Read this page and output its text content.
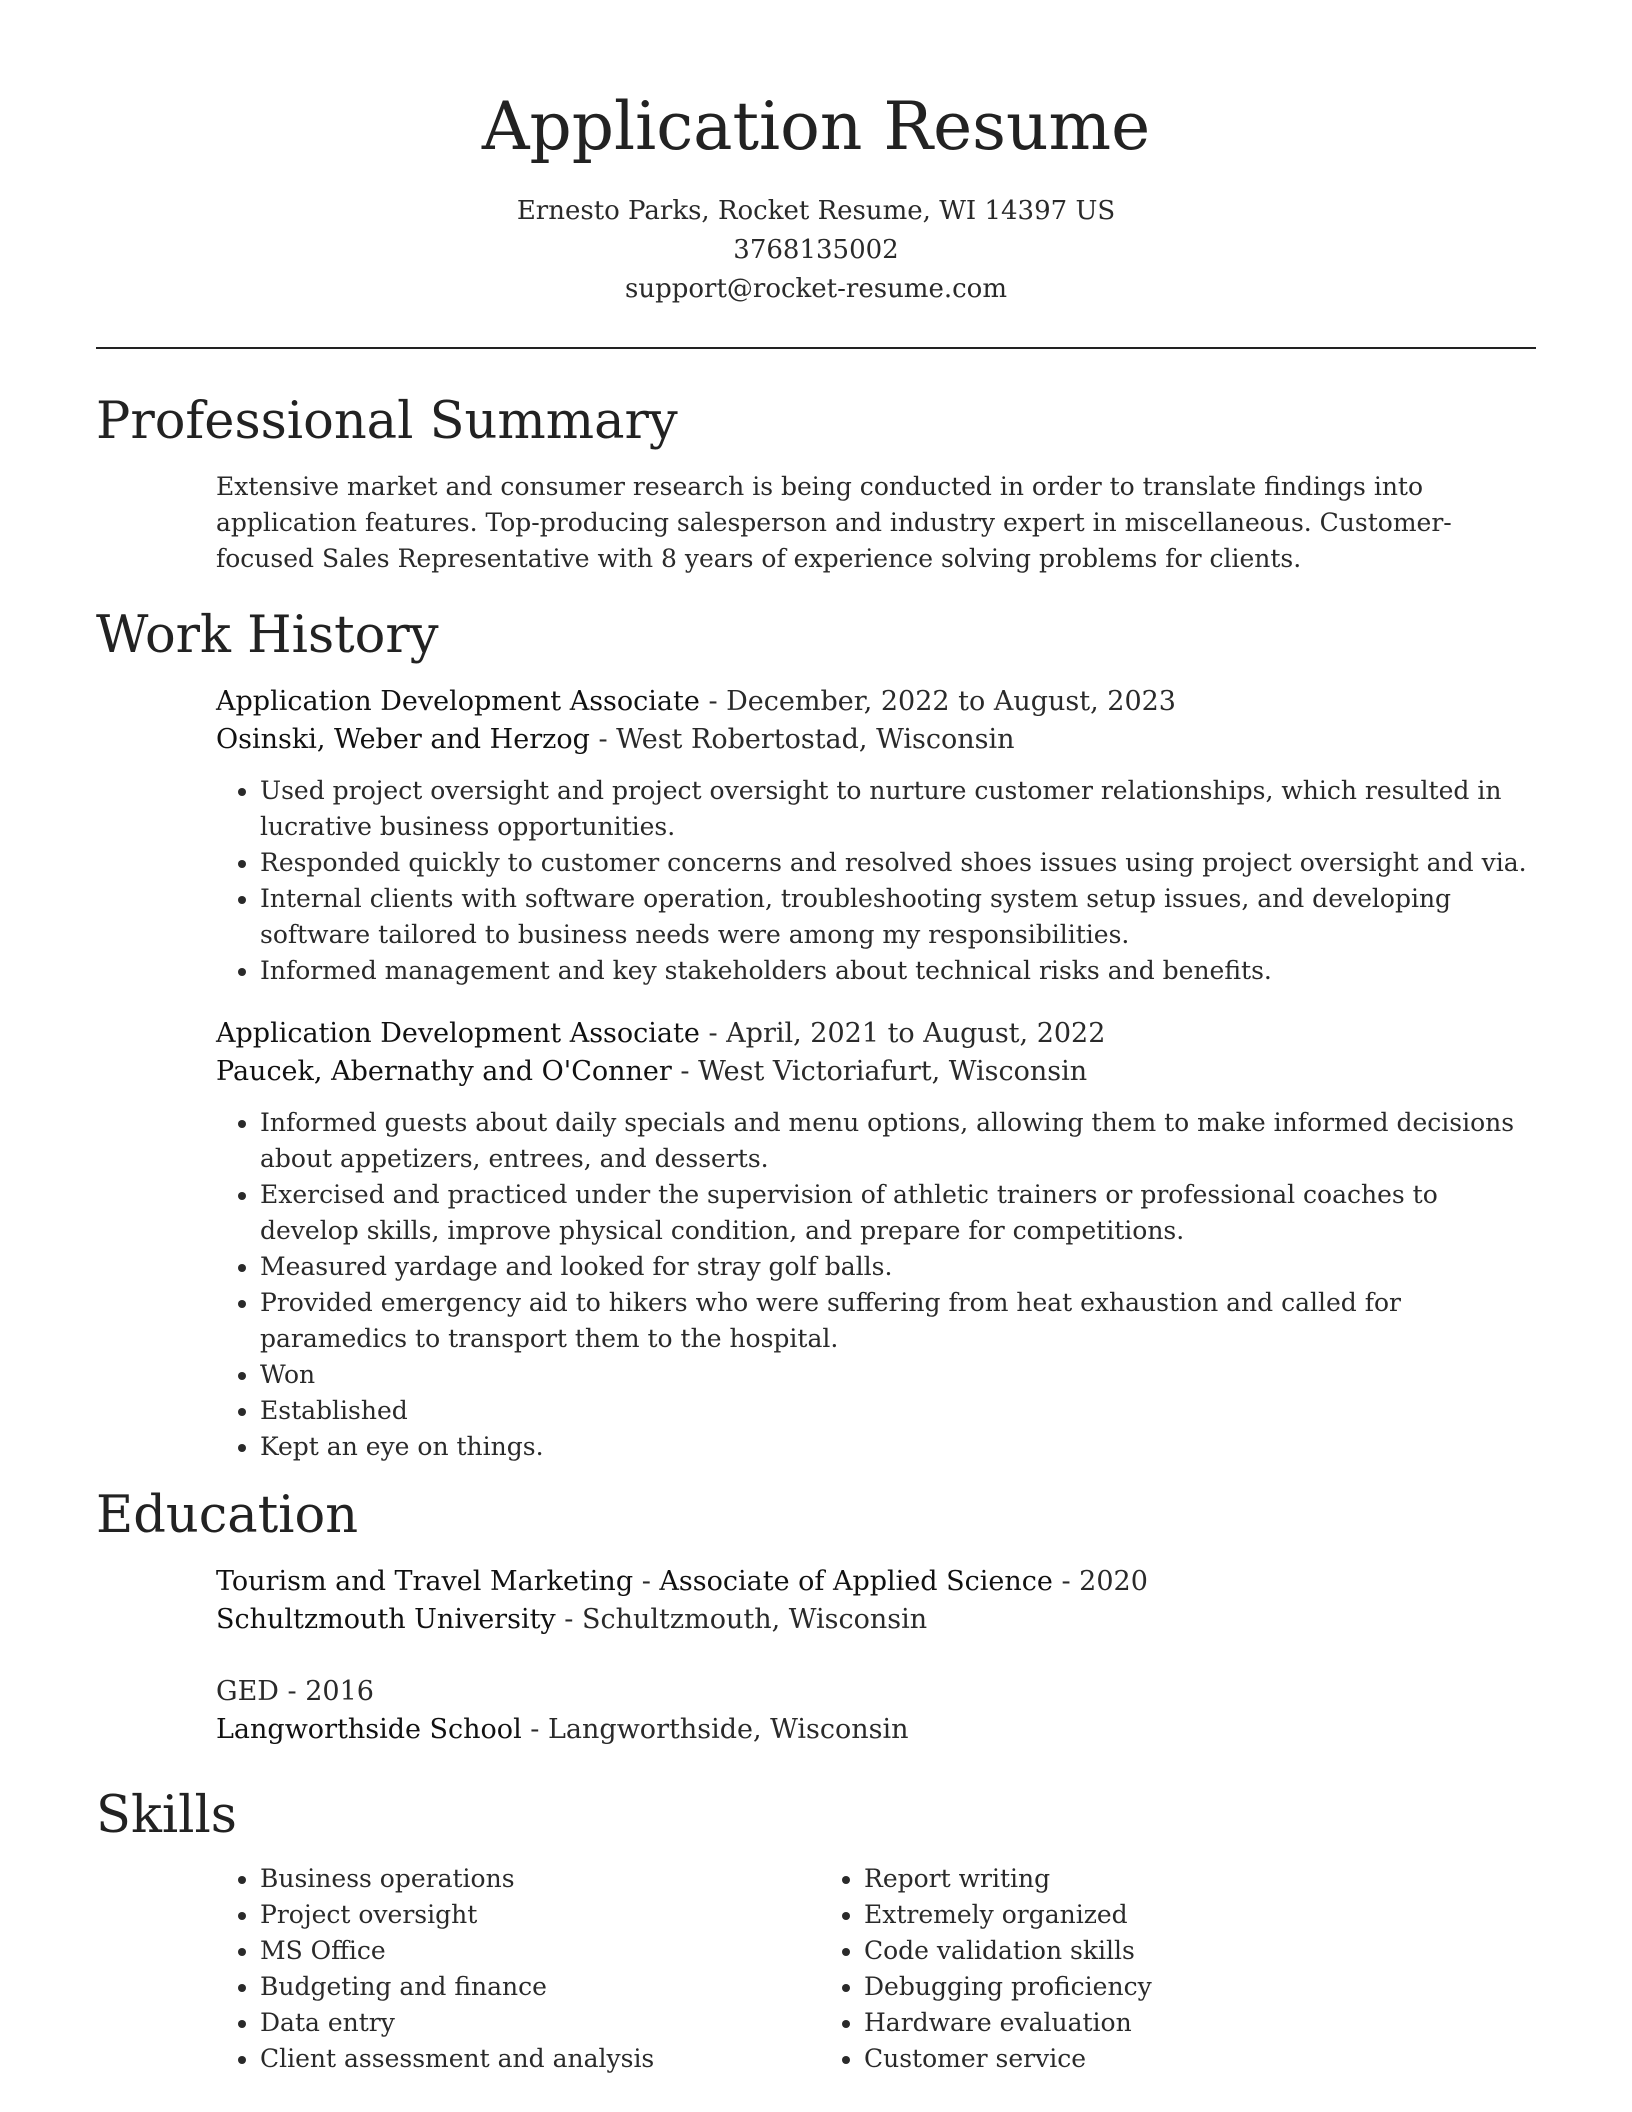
Application Resume
Ernesto Parks, Rocket Resume, WI 14397 US
3768135002
support@rocket-resume.com
Professional Summary

Extensive market and consumer research is being conducted in order to translate findings into application features. Top-producing salesperson and industry expert in miscellaneous. Customer-focused Sales Representative with 8 years of experience solving problems for clients.

Work History
Application Development Associate - December, 2022 to August, 2023
Osinski, Weber and Herzog - West Robertostad, Wisconsin
• Used project oversight and project oversight to nurture customer relationships, which resulted in lucrative business opportunities.
• Responded quickly to customer concerns and resolved shoes issues using project oversight and via.
• Internal clients with software operation, troubleshooting system setup issues, and developing software tailored to business needs were among my responsibilities.
• Informed management and key stakeholders about technical risks and benefits.
Application Development Associate - April, 2021 to August, 2022
Paucek, Abernathy and O'Conner - West Victoriafurt, Wisconsin
• Informed guests about daily specials and menu options, allowing them to make informed decisions about appetizers, entrees, and desserts.
• Exercised and practiced under the supervision of athletic trainers or professional coaches to develop skills, improve physical condition, and prepare for competitions.
• Measured yardage and looked for stray golf balls.
• Provided emergency aid to hikers who were suffering from heat exhaustion and called for paramedics to transport them to the hospital.
• Won
• Established
• Kept an eye on things.
Education
Tourism and Travel Marketing - Associate of Applied Science - 2020
Schultzmouth University - Schultzmouth, Wisconsin
GED - 2016
Langworthside School - Langworthside, Wisconsin
Skills
• Business operations
• Project oversight
• MS Office
• Budgeting and finance
• Data entry
• Client assessment and analysis
• Report writing
• Extremely organized
• Code validation skills
• Debugging proficiency
• Hardware evaluation
• Customer service
